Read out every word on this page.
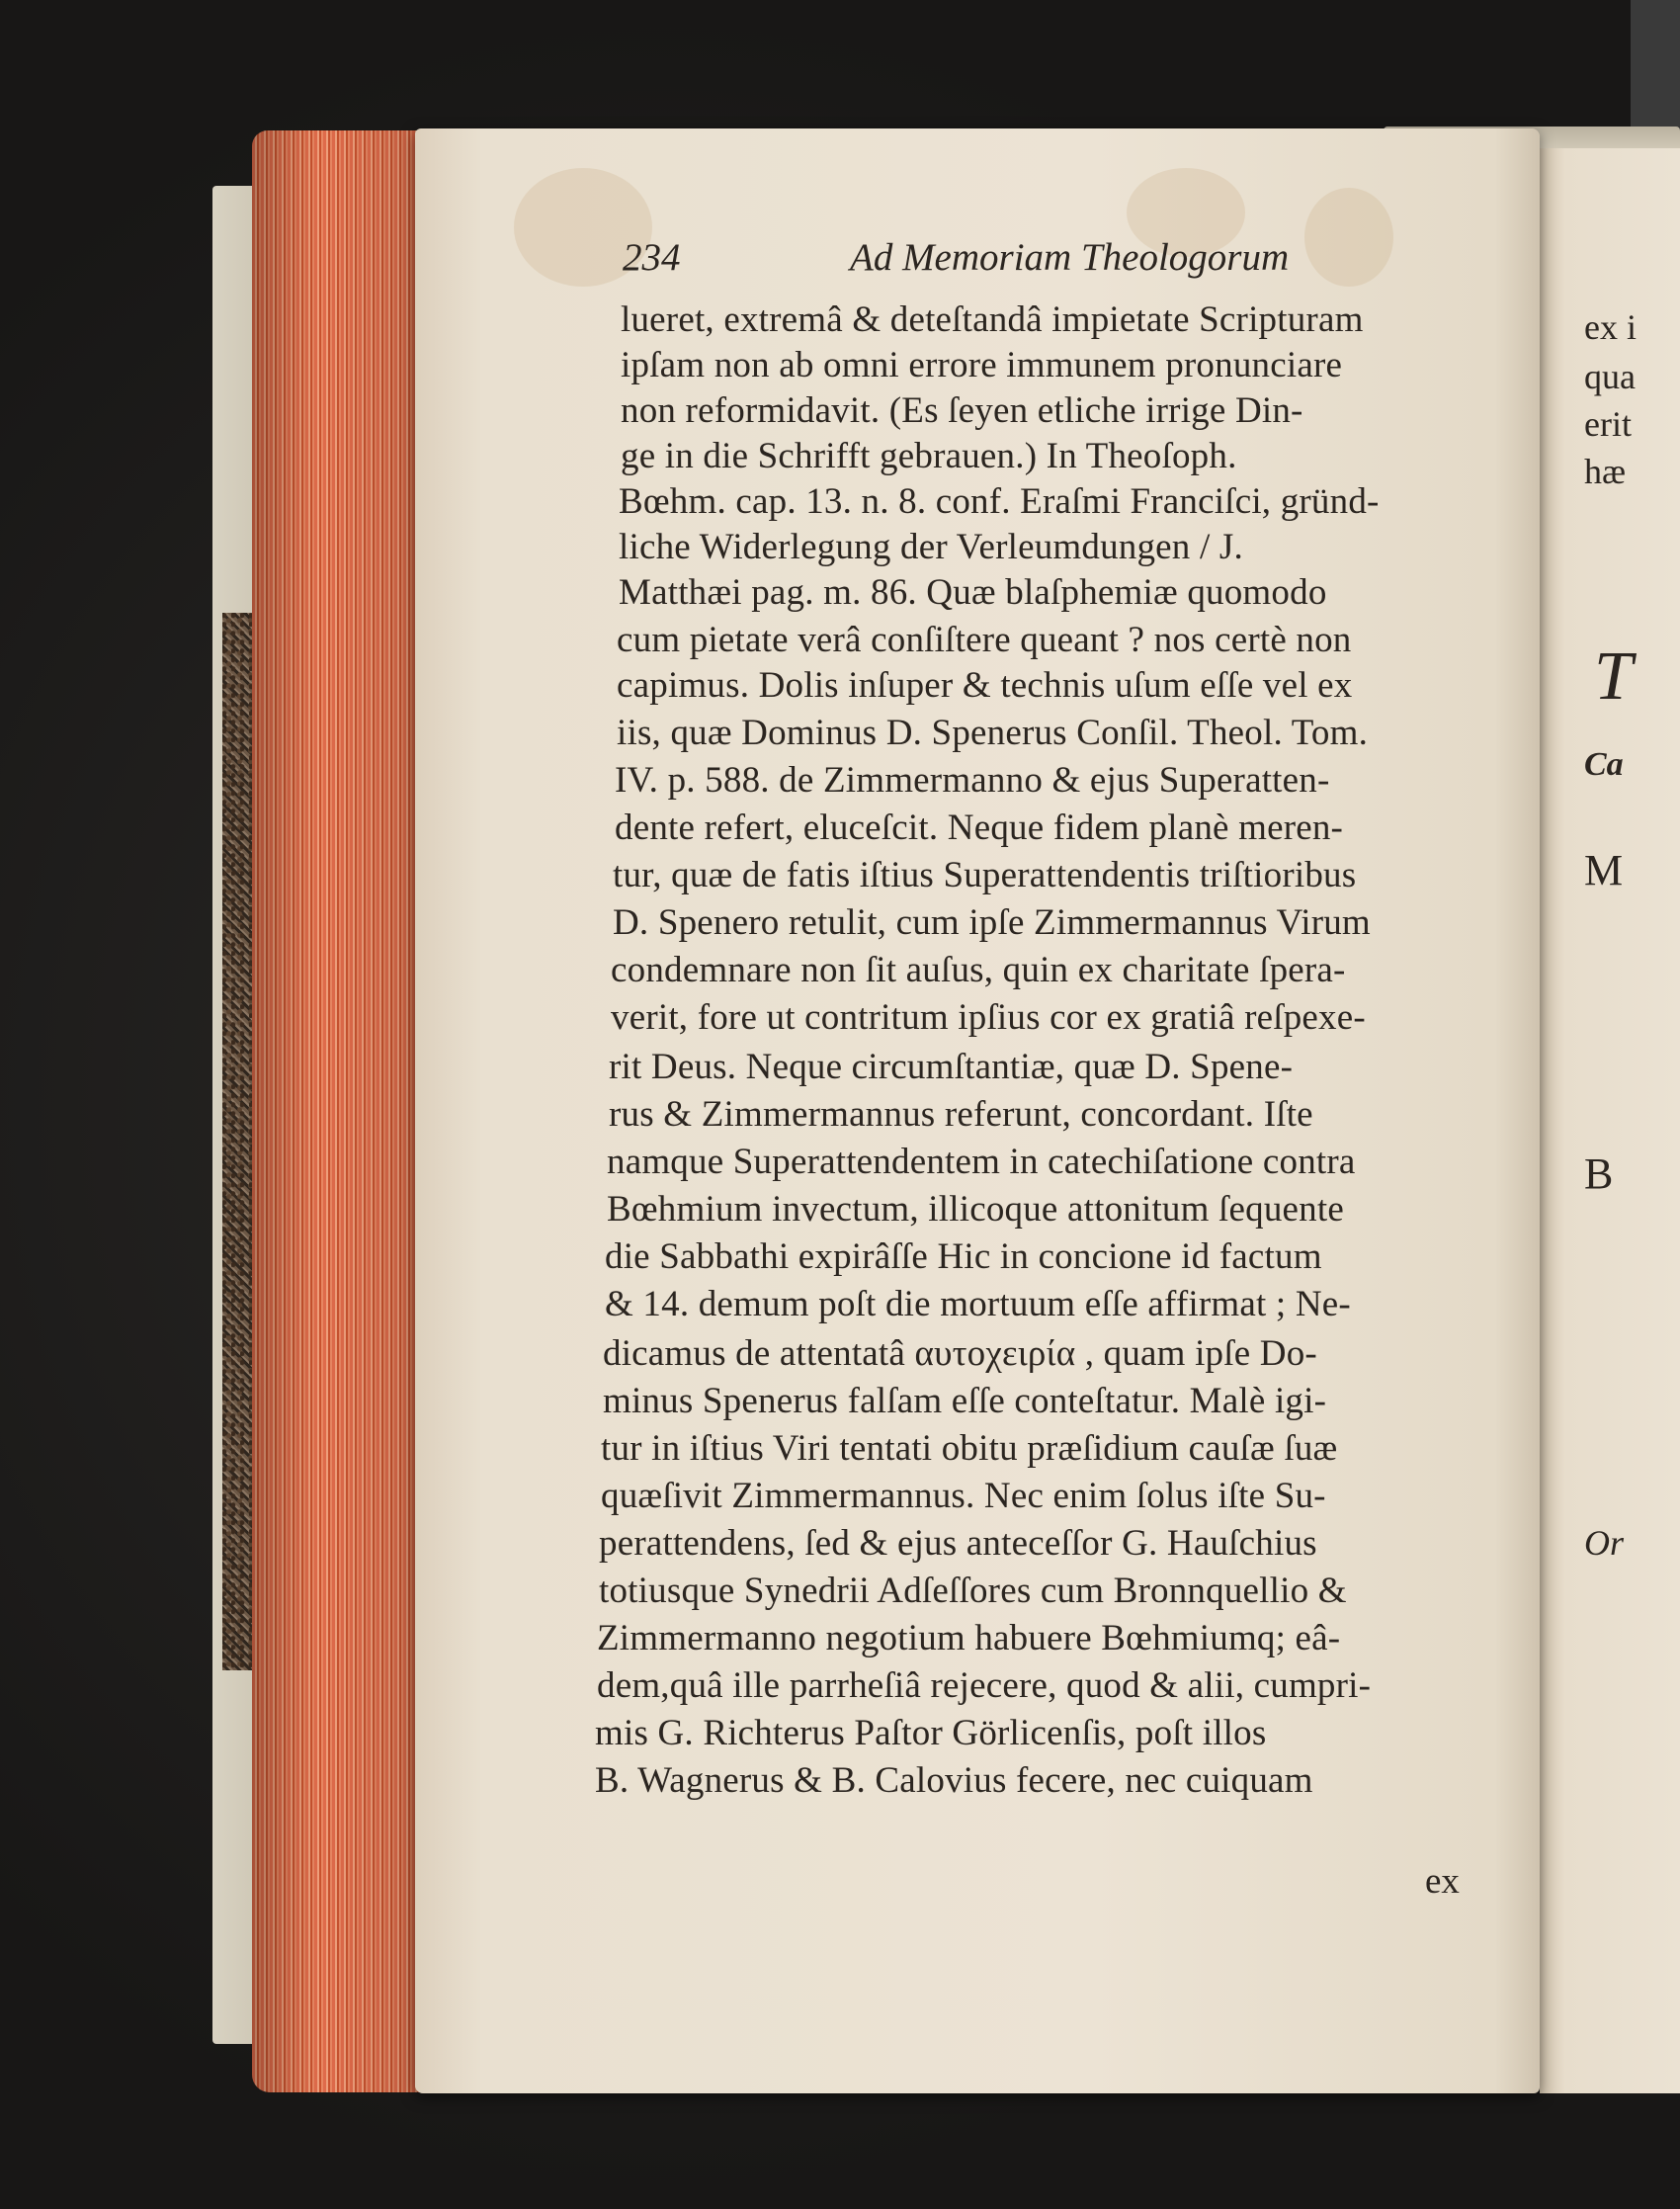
ex i
qua
erit
hæ
T
Ca
M
B
Or
234	Ad Memoriam Theologorum
lueret, extremâ & deteſtandâ impietate Scripturam
ipſam non ab omni errore immunem pronunciare
non reformidavit. (Es ſeyen etliche irrige Din-
ge in die Schrifft gebrauen.) In Theoſoph.
Bœhm. cap. 13. n. 8. conf. Eraſmi Franciſci, gründ-
liche Widerlegung der Verleumdungen / J.
Matthæi pag. m. 86. Quæ blaſphemiæ quomodo
cum pietate verâ conſiſtere queant ? nos certè non
capimus. Dolis inſuper & technis uſum eſſe vel ex
iis, quæ Dominus D. Spenerus Conſil. Theol. Tom.
IV. p. 588. de Zimmermanno & ejus Superatten-
dente refert, eluceſcit. Neque fidem planè meren-
tur, quæ de fatis iſtius Superattendentis triſtioribus
D. Spenero retulit, cum ipſe Zimmermannus Virum
condemnare non ſit auſus, quin ex charitate ſpera-
verit, fore ut contritum ipſius cor ex gratiâ reſpexe-
rit Deus. Neque circumſtantiæ, quæ D. Spene-
rus & Zimmermannus referunt, concordant. Iſte
namque Superattendentem in catechiſatione contra
Bœhmium invectum, illicoque attonitum ſequente
die Sabbathi expirâſſe Hic in concione id factum
& 14. demum poſt die mortuum eſſe affirmat ; Ne-
dicamus de attentatâ αυτοχειρία , quam ipſe Do-
minus Spenerus falſam eſſe conteſtatur. Malè igi-
tur in iſtius Viri tentati obitu præſidium cauſæ ſuæ
quæſivit Zimmermannus. Nec enim ſolus iſte Su-
perattendens, ſed & ejus anteceſſor G. Hauſchius
totiusque Synedrii Adſeſſores cum Bronnquellio &
Zimmermanno negotium habuere Bœhmiumq; eâ-
dem,quâ ille parrheſiâ rejecere, quod & alii, cumpri-
mis G. Richterus Paſtor Görlicenſis, poſt illos
B. Wagnerus & B. Calovius fecere, nec cuiquam
ex
